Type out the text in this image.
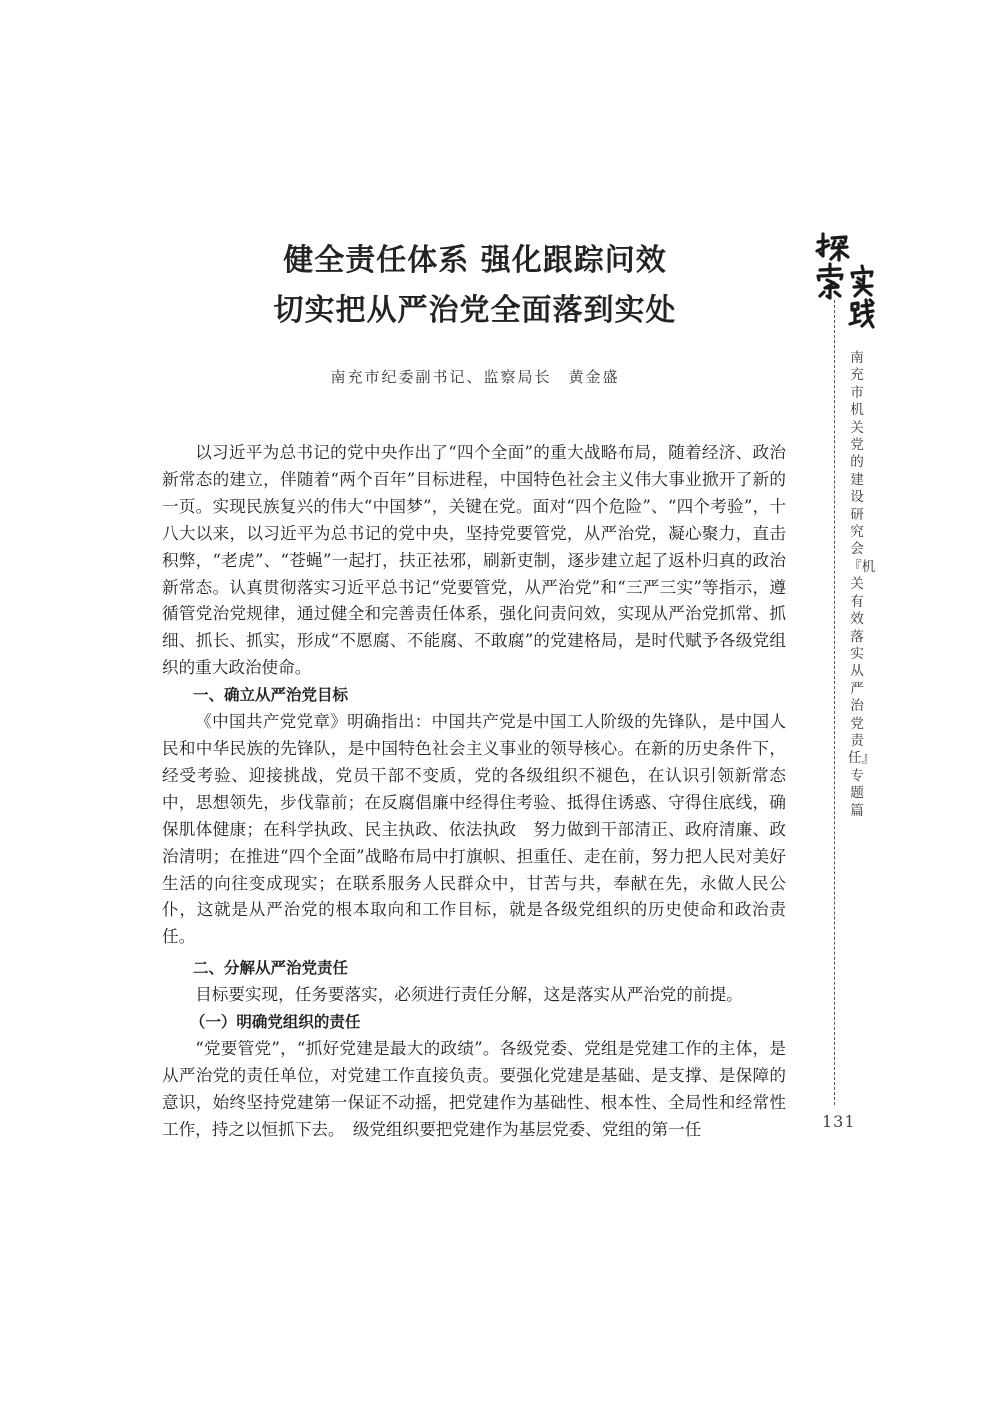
健全责任体系 强化跟踪问效
切实把从严治党全面落到实处

南充市纪委副书记、监察局长　黄金盛

以习近平为总书记的党中央作出了“四个全面”的重大战略布局，随着经济、政治新常态的建立，伴随着“两个百年”目标进程，中国特色社会主义伟大事业掀开了新的一页。实现民族复兴的伟大“中国梦”，关键在党。面对“四个危险”、“四个考验”，十八大以来，以习近平为总书记的党中央，坚持党要管党，从严治党，凝心聚力，直击积弊，“老虎”、“苍蝇”一起打，扶正祛邪，刷新吏制，逐步建立起了返朴归真的政治新常态。认真贯彻落实习近平总书记“党要管党，从严治党”和“三严三实”等指示，遵循管党治党规律，通过健全和完善责任体系，强化问责问效，实现从严治党抓常、抓细、抓长、抓实，形成“不愿腐、不能腐、不敢腐”的党建格局，是时代赋予各级党组织的重大政治使命。

一、确立从严治党目标

《中国共产党党章》明确指出：中国共产党是中国工人阶级的先锋队，是中国人民和中华民族的先锋队，是中国特色社会主义事业的领导核心。在新的历史条件下，经受考验、迎接挑战，党员干部不变质，党的各级组织不褪色，在认识引领新常态中，思想领先，步伐靠前；在反腐倡廉中经得住考验、抵得住诱惑、守得住底线，确保肌体健康；在科学执政、民主执政、依法执政　努力做到干部清正、政府清廉、政治清明；在推进“四个全面”战略布局中打旗帜、担重任、走在前，努力把人民对美好生活的向往变成现实；在联系服务人民群众中，甘苦与共，奉献在先，永做人民公仆，这就是从严治党的根本取向和工作目标，就是各级党组织的历史使命和政治责任。

二、分解从严治党责任

目标要实现，任务要落实，必须进行责任分解，这是落实从严治党的前提。

（一）明确党组织的责任

“党要管党”，“抓好党建是最大的政绩”。各级党委、党组是党建工作的主体，是从严治党的责任单位，对党建工作直接负责。要强化党建是基础、是支撑、是保障的意识，始终坚持党建第一保证不动摇，把党建作为基础性、根本性、全局性和经常性工作，持之以恒抓下去。　级党组织要把党建作为基层党委、党组的第一任

南充市机关党的建设研究会『机关有效落实从严治党责任』专题篇
131
